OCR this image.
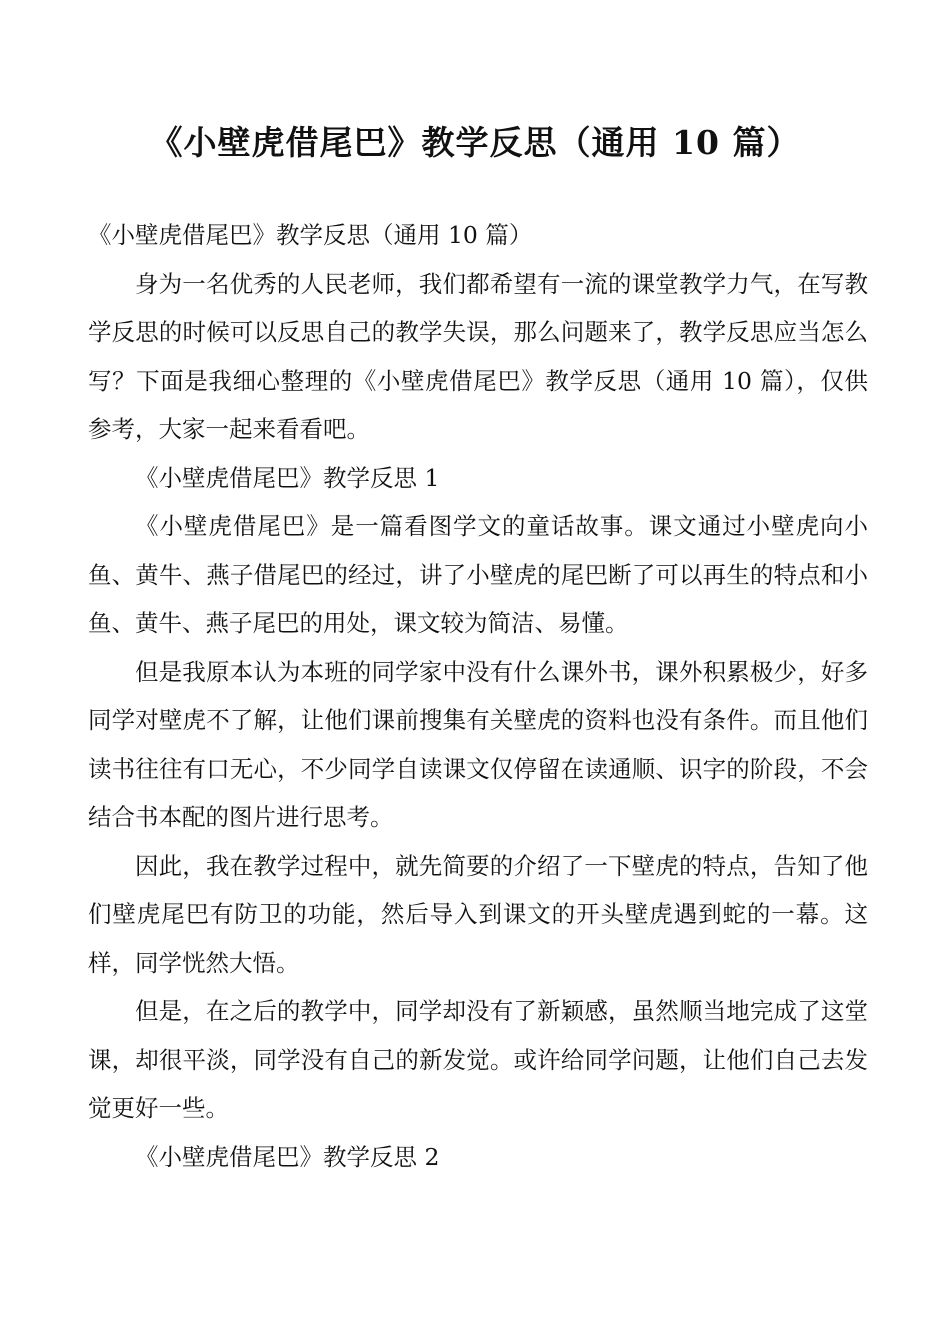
《小壁虎借尾巴》教学反思（通用 10 篇）

《小壁虎借尾巴》教学反思（通用 10 篇）

身为一名优秀的人民老师，我们都希望有一流的课堂教学力气，在写教学反思的时候可以反思自己的教学失误，那么问题来了，教学反思应当怎么写？下面是我细心整理的《小壁虎借尾巴》教学反思（通用 10 篇），仅供参考，大家一起来看看吧。

《小壁虎借尾巴》教学反思 1

《小壁虎借尾巴》是一篇看图学文的童话故事。课文通过小壁虎向小鱼、黄牛、燕子借尾巴的经过，讲了小壁虎的尾巴断了可以再生的特点和小鱼、黄牛、燕子尾巴的用处，课文较为简洁、易懂。

但是我原本认为本班的同学家中没有什么课外书，课外积累极少，好多同学对壁虎不了解，让他们课前搜集有关壁虎的资料也没有条件。而且他们读书往往有口无心，不少同学自读课文仅停留在读通顺、识字的阶段，不会结合书本配的图片进行思考。

因此，我在教学过程中，就先简要的介绍了一下壁虎的特点，告知了他们壁虎尾巴有防卫的功能，然后导入到课文的开头壁虎遇到蛇的一幕。这样，同学恍然大悟。

但是，在之后的教学中，同学却没有了新颖感，虽然顺当地完成了这堂课，却很平淡，同学没有自己的新发觉。或许给同学问题，让他们自己去发觉更好一些。

《小壁虎借尾巴》教学反思 2
